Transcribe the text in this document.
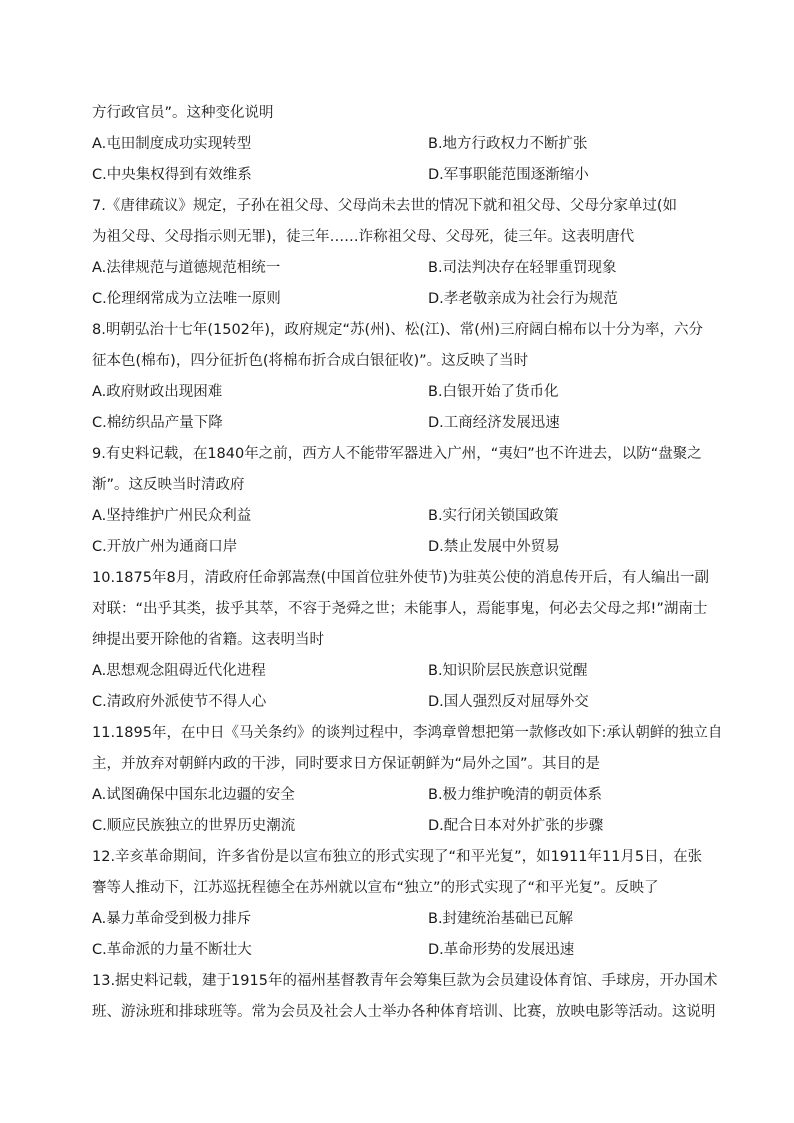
方行政官员”。这种变化说明
A.屯田制度成功实现转型	B.地方行政权力不断扩张
C.中央集权得到有效维系	D.军事职能范围逐渐缩小
7.《唐律疏议》规定，子孙在祖父母、父母尚未去世的情况下就和祖父母、父母分家单过(如
为祖父母、父母指示则无罪)，徒三年……诈称祖父母、父母死，徒三年。这表明唐代
A.法律规范与道德规范相统一	B.司法判决存在轻罪重罚现象
C.伦理纲常成为立法唯一原则	D.孝老敬亲成为社会行为规范
8.明朝弘治十七年(1502年)，政府规定“苏(州)、松(江)、常(州)三府阔白棉布以十分为率，六分
征本色(棉布)，四分征折色(将棉布折合成白银征收)”。这反映了当时
A.政府财政出现困难	B.白银开始了货币化
C.棉纺织品产量下降	D.工商经济发展迅速
9.有史料记载，在1840年之前，西方人不能带军器进入广州，“夷妇”也不许进去，以防“盘聚之
渐”。这反映当时清政府
A.坚持维护广州民众利益	B.实行闭关锁国政策
C.开放广州为通商口岸	D.禁止发展中外贸易
10.1875年8月，清政府任命郭嵩焘(中国首位驻外使节)为驻英公使的消息传开后，有人编出一副
对联：“出乎其类，拔乎其萃，不容于尧舜之世；未能事人，焉能事鬼，何必去父母之邦!”湖南士
绅提出要开除他的省籍。这表明当时
A.思想观念阻碍近代化进程	B.知识阶层民族意识觉醒
C.清政府外派使节不得人心	D.国人强烈反对屈辱外交
11.1895年，在中日《马关条约》的谈判过程中，李鸿章曾想把第一款修改如下:承认朝鲜的独立自
主，并放弃对朝鲜内政的干涉，同时要求日方保证朝鲜为“局外之国”。其目的是
A.试图确保中国东北边疆的安全	B.极力维护晚清的朝贡体系
C.顺应民族独立的世界历史潮流	D.配合日本对外扩张的步骤
12.辛亥革命期间，许多省份是以宣布独立的形式实现了“和平光复”，如1911年11月5日，在张
謇等人推动下，江苏巡抚程德全在苏州就以宣布“独立”的形式实现了“和平光复”。反映了
A.暴力革命受到极力排斥	B.封建统治基础已瓦解
C.革命派的力量不断壮大	D.革命形势的发展迅速
13.据史料记载，建于1915年的福州基督教青年会筹集巨款为会员建设体育馆、手球房，开办国术
班、游泳班和排球班等。常为会员及社会人士举办各种体育培训、比赛，放映电影等活动。这说明
